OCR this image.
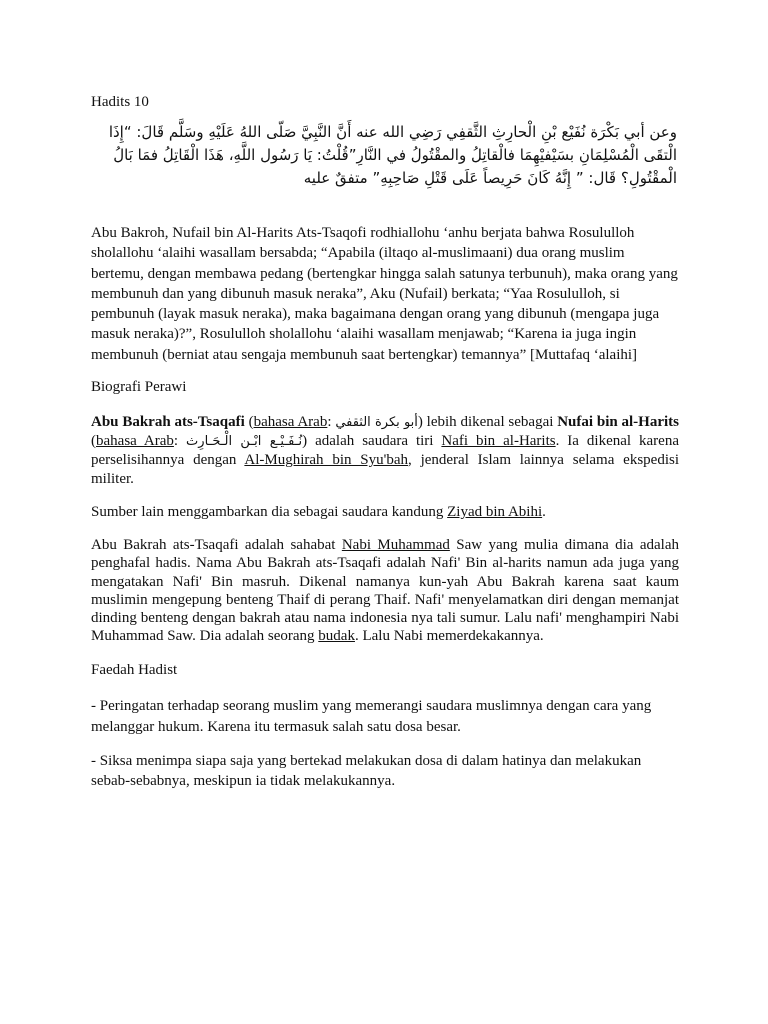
Hadits 10

وعن أبي بَكْرَة نُفَيْع بْنِ الْحارِثِ الثَّقفِي رَضِي الله عنه أَنَّ النَّبِيَّ صَلّى اللهُ عَلَيْهِ وسَلَّم قَالَ: “إِذَا الْتقَى الْمُسْلِمَانِ بسَيْفيْهِمَا فالْقاتِلُ والمقْتُولُ في النَّارِ”قُلْتُ: يَا رَسُول اللَّهِ، هَذَا الْقَاتِلُ فمَا بَالُ الْمقْتُولِ؟ قَال: ” إِنَّهُ كَانَ حَرِيصاً عَلَى قَتْلِ صَاحِبِهِ” متفقٌ عليه

Abu Bakroh, Nufail bin Al-Harits Ats-Tsaqofi rodhiallohu ‘anhu berjata bahwa Rosululloh sholallohu ‘alaihi wasallam bersabda; “Apabila (iltaqo al-muslimaani) dua orang muslim bertemu, dengan membawa pedang (bertengkar hingga salah satunya terbunuh), maka orang yang membunuh dan yang dibunuh masuk neraka”, Aku (Nufail) berkata; “Yaa Rosululloh, si pembunuh (layak masuk neraka), maka bagaimana dengan orang yang dibunuh (mengapa juga masuk neraka)?”, Rosululloh sholallohu ‘alaihi wasallam menjawab; “Karena ia juga ingin membunuh (berniat atau sengaja membunuh saat bertengkar) temannya” [Muttafaq ‘alaihi]

Biografi Perawi

Abu Bakrah ats-Tsaqafi (bahasa Arab: أبو بكرة الثقفي) lebih dikenal sebagai Nufai bin al-Harits (bahasa Arab: نُـفَـيْـع ابْـن الْـحَـارِث) adalah saudara tiri Nafi bin al-Harits. Ia dikenal karena perselisihannya dengan Al-Mughirah bin Syu'bah, jenderal Islam lainnya selama ekspedisi militer.

Sumber lain menggambarkan dia sebagai saudara kandung Ziyad bin Abihi.

Abu Bakrah ats-Tsaqafi adalah sahabat Nabi Muhammad Saw yang mulia dimana dia adalah penghafal hadis. Nama Abu Bakrah ats-Tsaqafi adalah Nafi' Bin al-harits namun ada juga yang mengatakan Nafi' Bin masruh. Dikenal namanya kun-yah Abu Bakrah karena saat kaum muslimin mengepung benteng Thaif di perang Thaif. Nafi' menyelamatkan diri dengan memanjat dinding benteng dengan bakrah atau nama indonesia nya tali sumur. Lalu nafi' menghampiri Nabi Muhammad Saw. Dia adalah seorang budak. Lalu Nabi memerdekakannya.

Faedah Hadist

- Peringatan terhadap seorang muslim yang memerangi saudara muslimnya dengan cara yang melanggar hukum. Karena itu termasuk salah satu dosa besar.

- Siksa menimpa siapa saja yang bertekad melakukan dosa di dalam hatinya dan melakukan sebab-sebabnya, meskipun ia tidak melakukannya.
